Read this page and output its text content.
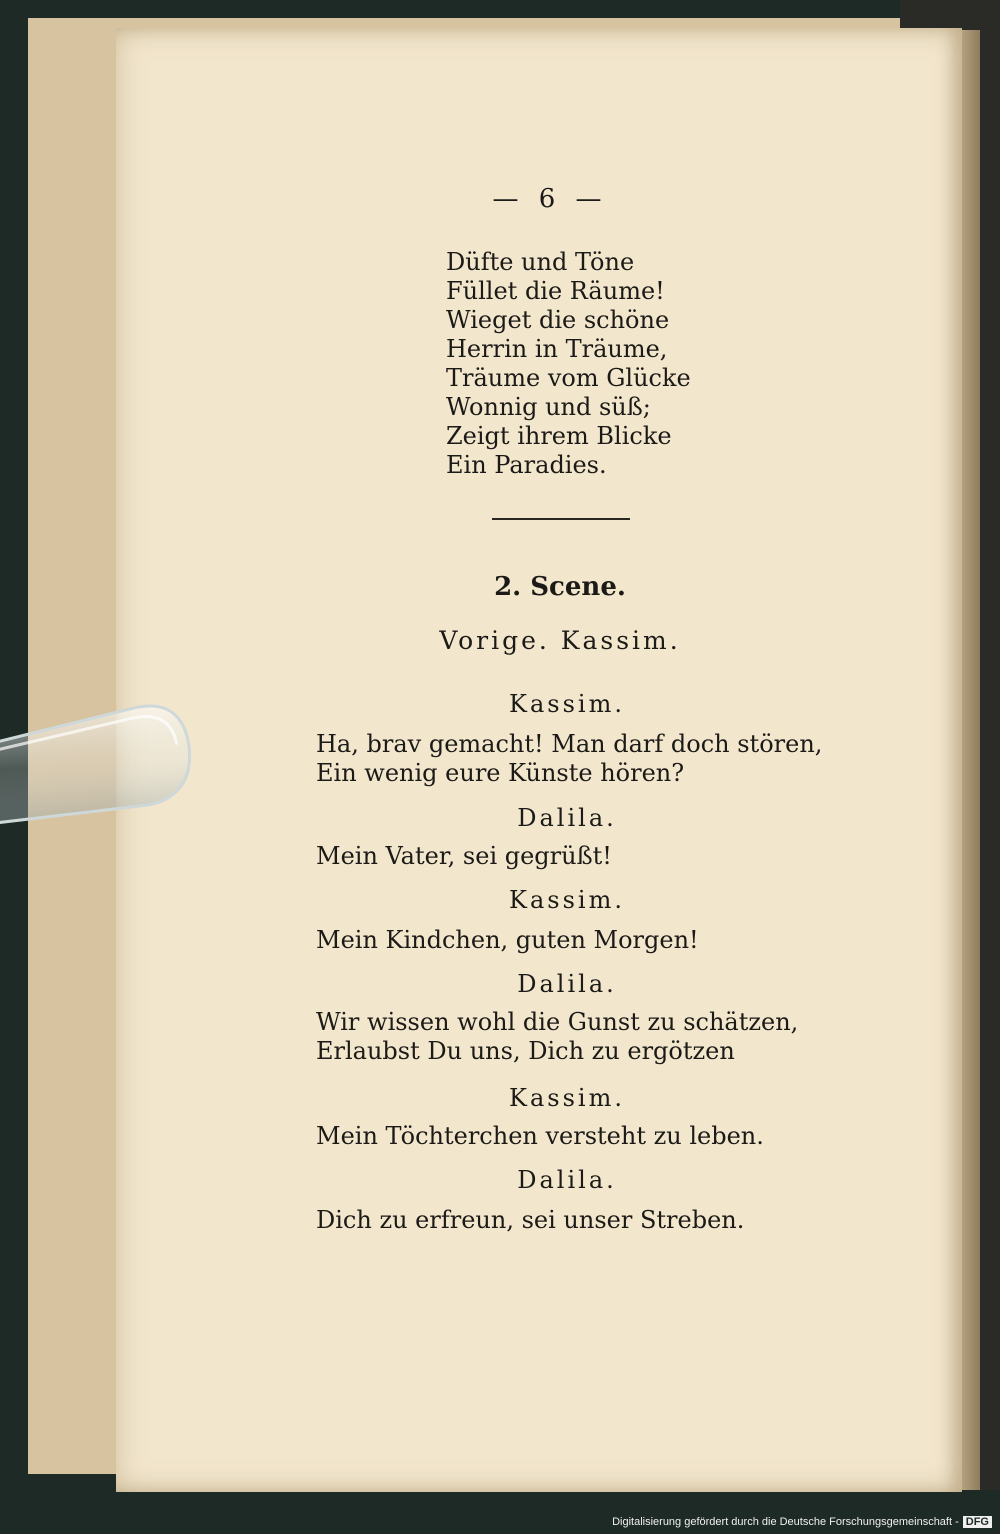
— 6 —
Düfte und Töne
Füllet die Räume!
Wieget die schöne
Herrin in Träume,
Träume vom Glücke
Wonnig und süß;
Zeigt ihrem Blicke
Ein Paradies.
2. Scene.
Vorige. Kassim.
Kassim.
Ha, brav gemacht! Man darf doch stören,
Ein wenig eure Künste hören?
Dalila.
Mein Vater, sei gegrüßt!
Kassim.
Mein Kindchen, guten Morgen!
Dalila.
Wir wissen wohl die Gunst zu schätzen,
Erlaubst Du uns, Dich zu ergötzen
Kassim.
Mein Töchterchen versteht zu leben.
Dalila.
Dich zu erfreun, sei unser Streben.
Digitalisierung gefördert durch die Deutsche Forschungsgemeinschaft - DFG
